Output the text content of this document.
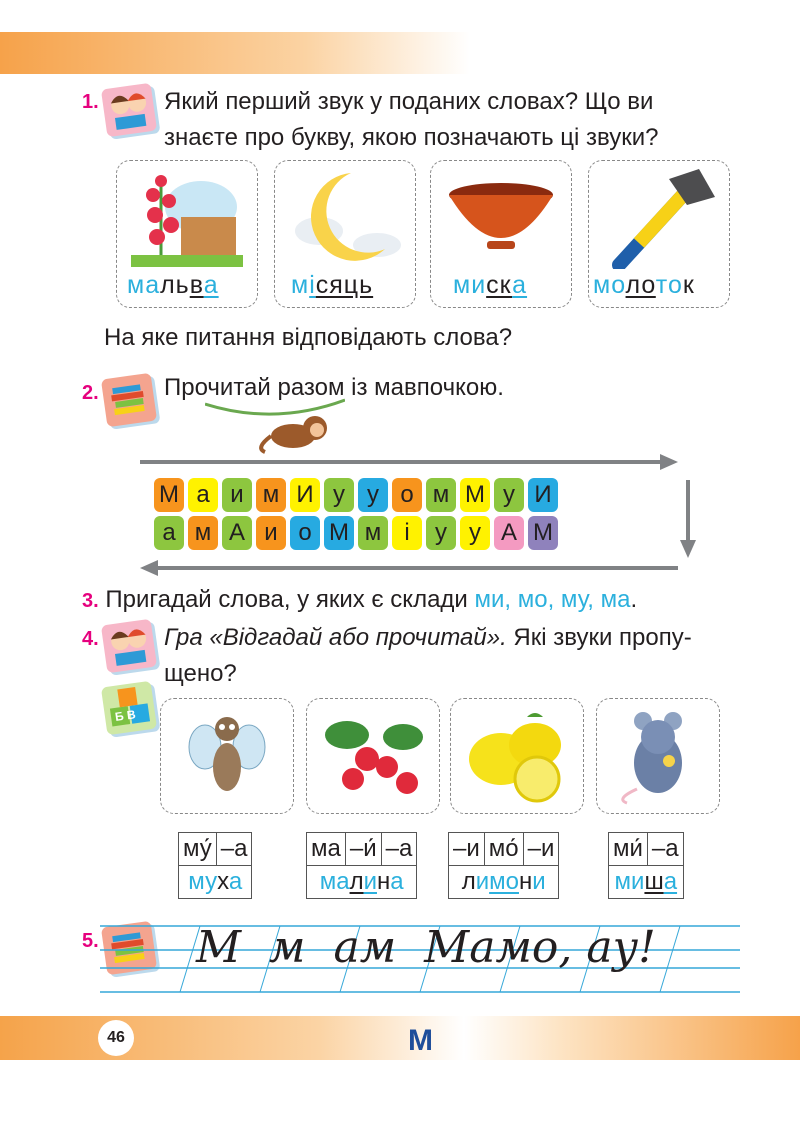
1.	Який перший звук у поданих словах? Що ви
знаєте про букву, якою позначають ці звуки?
мальва	місяць	миска	молоток
На яке питання відповідають слова?
2.	Прочитай разом із мавпочкою.
М а и м И у у о м М у И
а м А и о М м і	у у А М
3. Пригадай слова, у яких є склади ми, мо, му, ма.
4.
Б В
Гра «Відгадай або прочитай». Які звуки пропу-
щено?
му́	–а
муха
ма	–и́	–а
малина
–и	мо́	–и
лимони
ми́	–а
миша
5. М  м  ам  Мамо, ау!
46	М
